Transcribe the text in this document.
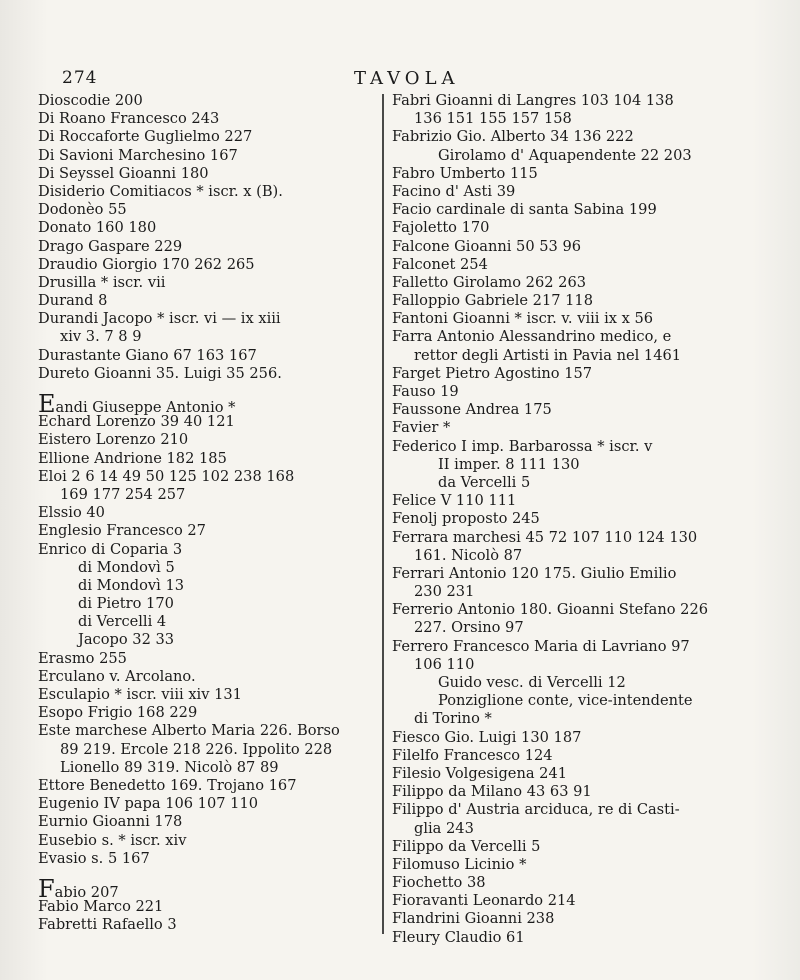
274	TAVOLA
Dioscodie 200
Di Roano Francesco 243
Di Roccaforte Guglielmo 227
Di Savioni Marchesino 167
Di Seyssel Gioanni 180
Disiderio Comitiacos * iscr. x (B).
Dodonèo 55
Donato 160 180
Drago Gaspare 229
Draudio Giorgio 170 262 265
Drusilla * iscr. vii
Durand 8
Durandi Jacopo * iscr. vi — ix xiii
xiv 3. 7 8 9
Durastante Giano 67 163 167
Dureto Gioanni 35. Luigi 35 256.
Eandi Giuseppe Antonio *
Echard Lorenzo 39 40 121
Eistero Lorenzo 210
Ellione Andrione 182 185
Eloi 2 6 14 49 50 125 102 238 168
169 177 254 257
Elssio 40
Englesio Francesco 27
Enrico di Coparia 3
di Mondovì 5
di Mondovì 13
di Pietro 170
di Vercelli 4
Jacopo 32 33
Erasmo 255
Erculano v. Arcolano.
Esculapio * iscr. viii xiv 131
Esopo Frigio 168 229
Este marchese Alberto Maria 226. Borso
89 219. Ercole 218 226. Ippolito 228
Lionello 89 319. Nicolò 87 89
Ettore Benedetto 169. Trojano 167
Eugenio IV papa 106 107 110
Eurnio Gioanni 178
Eusebio s. * iscr. xiv
Evasio s. 5 167
Fabio 207
Fabio Marco 221
Fabretti Rafaello 3
Fabri Gioanni di Langres 103 104 138
136 151 155 157 158
Fabrizio Gio. Alberto 34 136 222
Girolamo d' Aquapendente 22 203
Fabro Umberto 115
Facino d' Asti 39
Facio cardinale di santa Sabina 199
Fajoletto 170
Falcone Gioanni 50 53 96
Falconet 254
Falletto Girolamo 262 263
Falloppio Gabriele 217 118
Fantoni Gioanni * iscr. v. viii ix x 56
Farra Antonio Alessandrino medico, e
rettor degli Artisti in Pavia nel 1461
Farget Pietro Agostino 157
Fauso 19
Faussone Andrea 175
Favier *
Federico I imp. Barbarossa * iscr. v
II imper. 8 111 130
da Vercelli 5
Felice V 110 111
Fenolj proposto 245
Ferrara marchesi 45 72 107 110 124 130
161. Nicolò 87
Ferrari Antonio 120 175. Giulio Emilio
230 231
Ferrerio Antonio 180. Gioanni Stefano 226
227. Orsino 97
Ferrero Francesco Maria di Lavriano 97
106 110
Guido vesc. di Vercelli 12
Ponziglione conte, vice-intendente
di Torino *
Fiesco Gio. Luigi 130 187
Filelfo Francesco 124
Filesio Volgesigena 241
Filippo da Milano 43 63 91
Filippo d' Austria arciduca, re di Casti-
glia 243
Filippo da Vercelli 5
Filomuso Licinio *
Fiochetto 38
Fioravanti Leonardo 214
Flandrini Gioanni 238
Fleury Claudio 61
